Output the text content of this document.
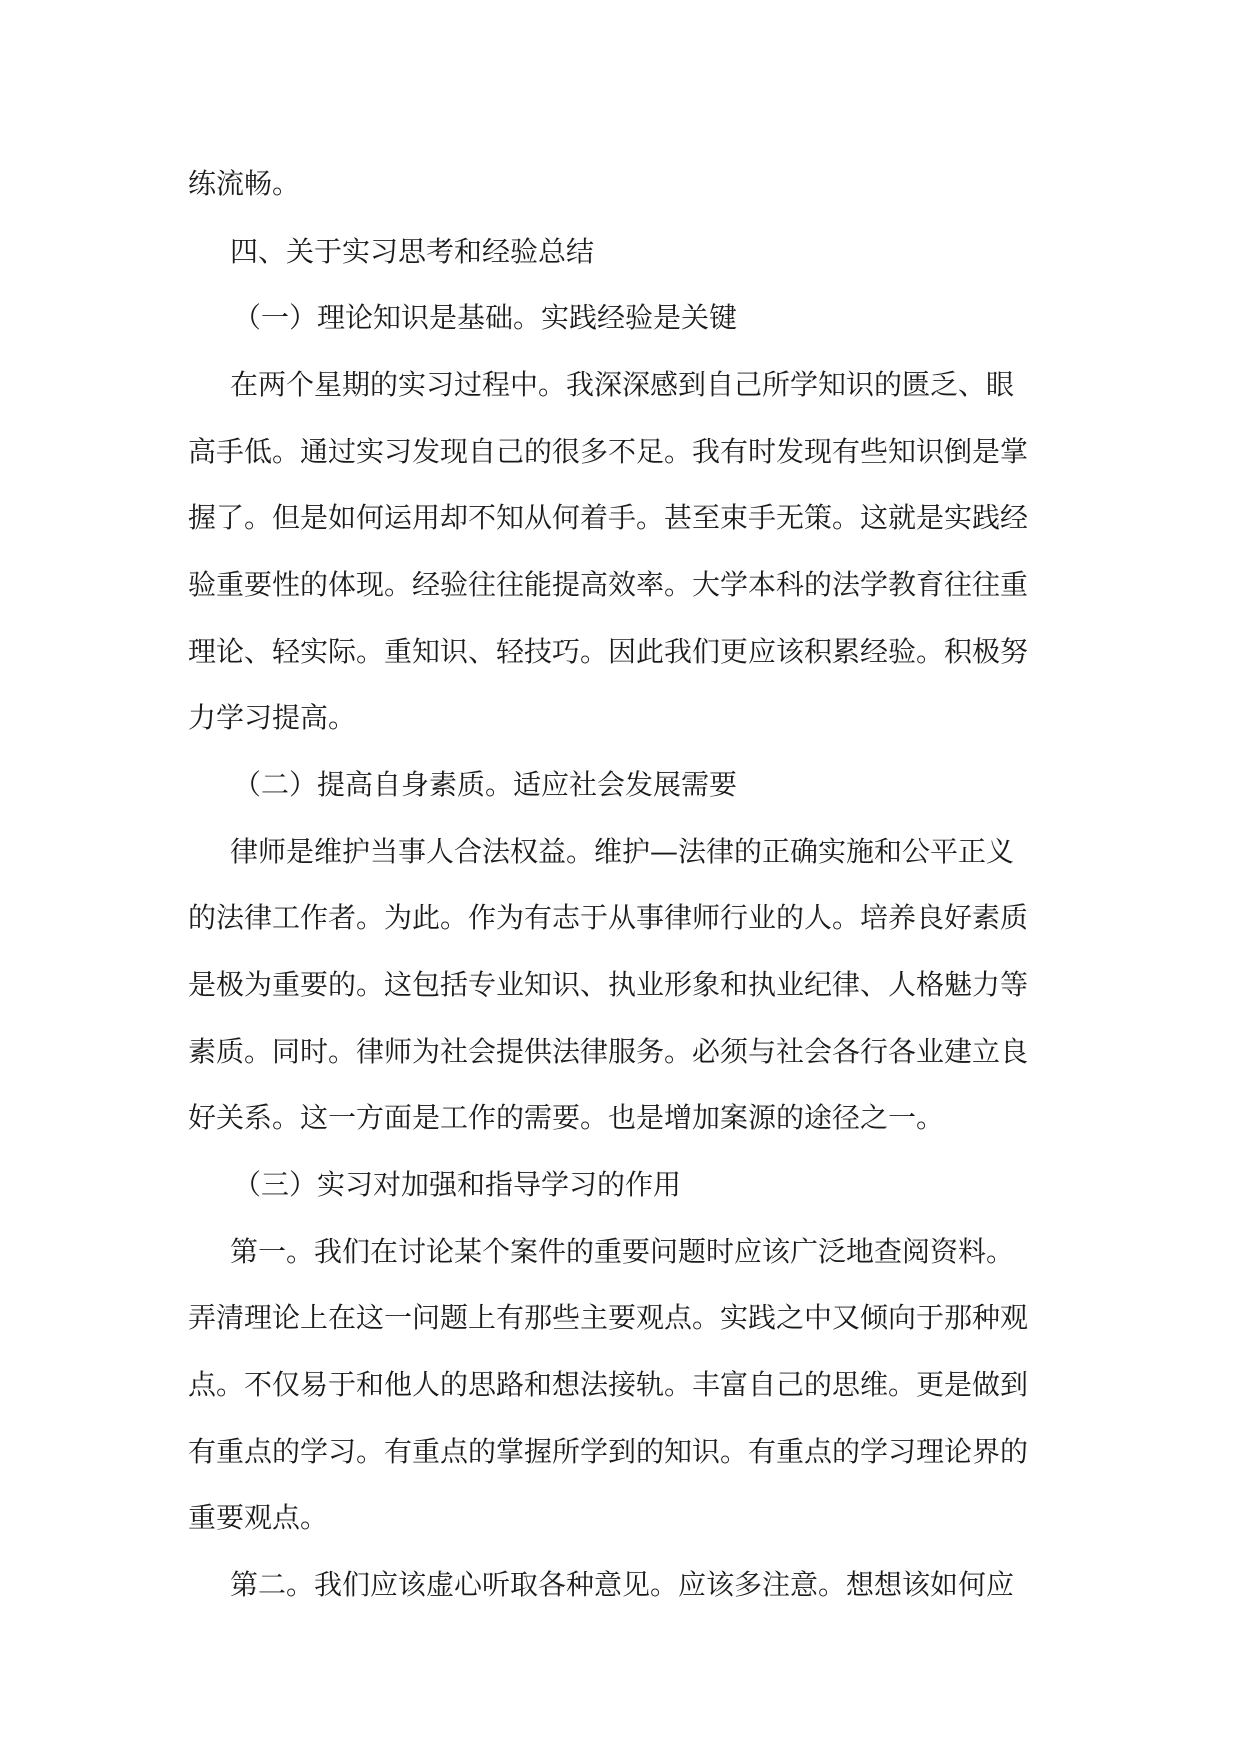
练流畅。
四、关于实习思考和经验总结
（一）理论知识是基础。实践经验是关键
在两个星期的实习过程中。我深深感到自己所学知识的匮乏、眼
高手低。通过实习发现自己的很多不足。我有时发现有些知识倒是掌
握了。但是如何运用却不知从何着手。甚至束手无策。这就是实践经
验重要性的体现。经验往往能提高效率。大学本科的法学教育往往重
理论、轻实际。重知识、轻技巧。因此我们更应该积累经验。积极努
力学习提高。
（二）提高自身素质。适应社会发展需要
律师是维护当事人合法权益。维护—法律的正确实施和公平正义
的法律工作者。为此。作为有志于从事律师行业的人。培养良好素质
是极为重要的。这包括专业知识、执业形象和执业纪律、人格魅力等
素质。同时。律师为社会提供法律服务。必须与社会各行各业建立良
好关系。这一方面是工作的需要。也是增加案源的途径之一。
（三）实习对加强和指导学习的作用
第一。我们在讨论某个案件的重要问题时应该广泛地查阅资料。
弄清理论上在这一问题上有那些主要观点。实践之中又倾向于那种观
点。不仅易于和他人的思路和想法接轨。丰富自己的思维。更是做到
有重点的学习。有重点的掌握所学到的知识。有重点的学习理论界的
重要观点。
第二。我们应该虚心听取各种意见。应该多注意。想想该如何应
